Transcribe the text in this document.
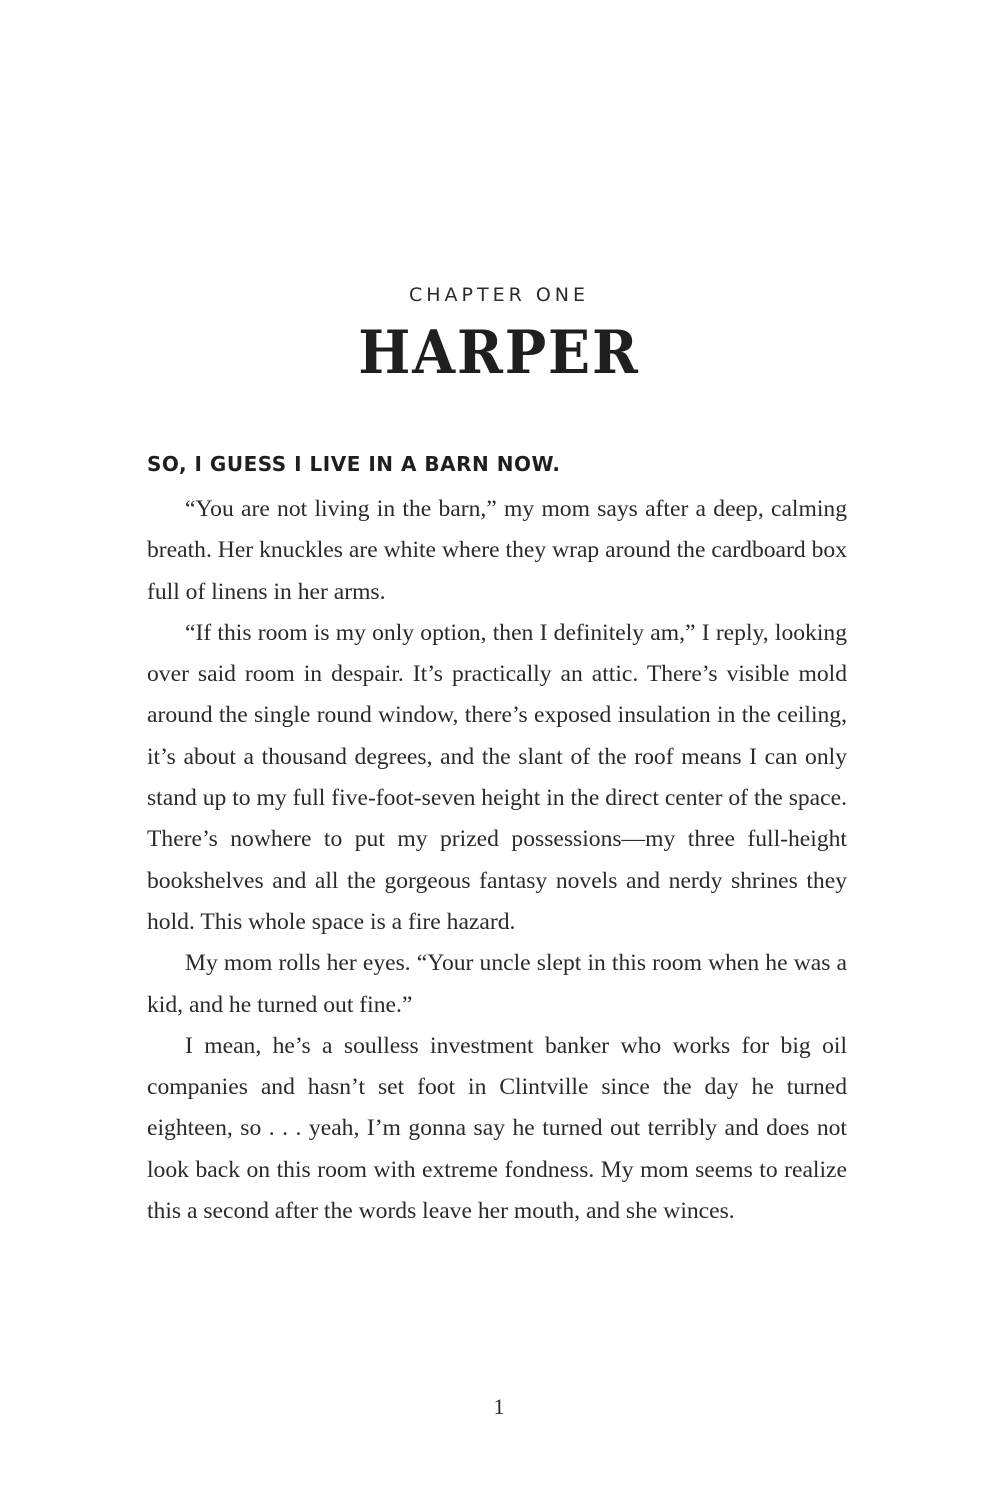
CHAPTER ONE
HARPER

SO, I GUESS I LIVE IN A BARN NOW.

“You are not living in the barn,” my mom says after a deep, calming breath. Her knuckles are white where they wrap around the cardboard box full of linens in her arms.

“If this room is my only option, then I definitely am,” I reply, looking over said room in despair. It’s practically an attic. There’s visible mold around the single round window, there’s exposed insulation in the ceiling, it’s about a thousand degrees, and the slant of the roof means I can only stand up to my full five-foot-seven height in the direct center of the space. There’s nowhere to put my prized possessions—my three full-height bookshelves and all the gorgeous fantasy novels and nerdy shrines they hold. This whole space is a fire hazard.

My mom rolls her eyes. “Your uncle slept in this room when he was a kid, and he turned out fine.”

I mean, he’s a soulless investment banker who works for big oil companies and hasn’t set foot in Clintville since the day he turned eighteen, so . . . yeah, I’m gonna say he turned out terribly and does not look back on this room with extreme fondness. My mom seems to realize this a second after the words leave her mouth, and she winces.

1
